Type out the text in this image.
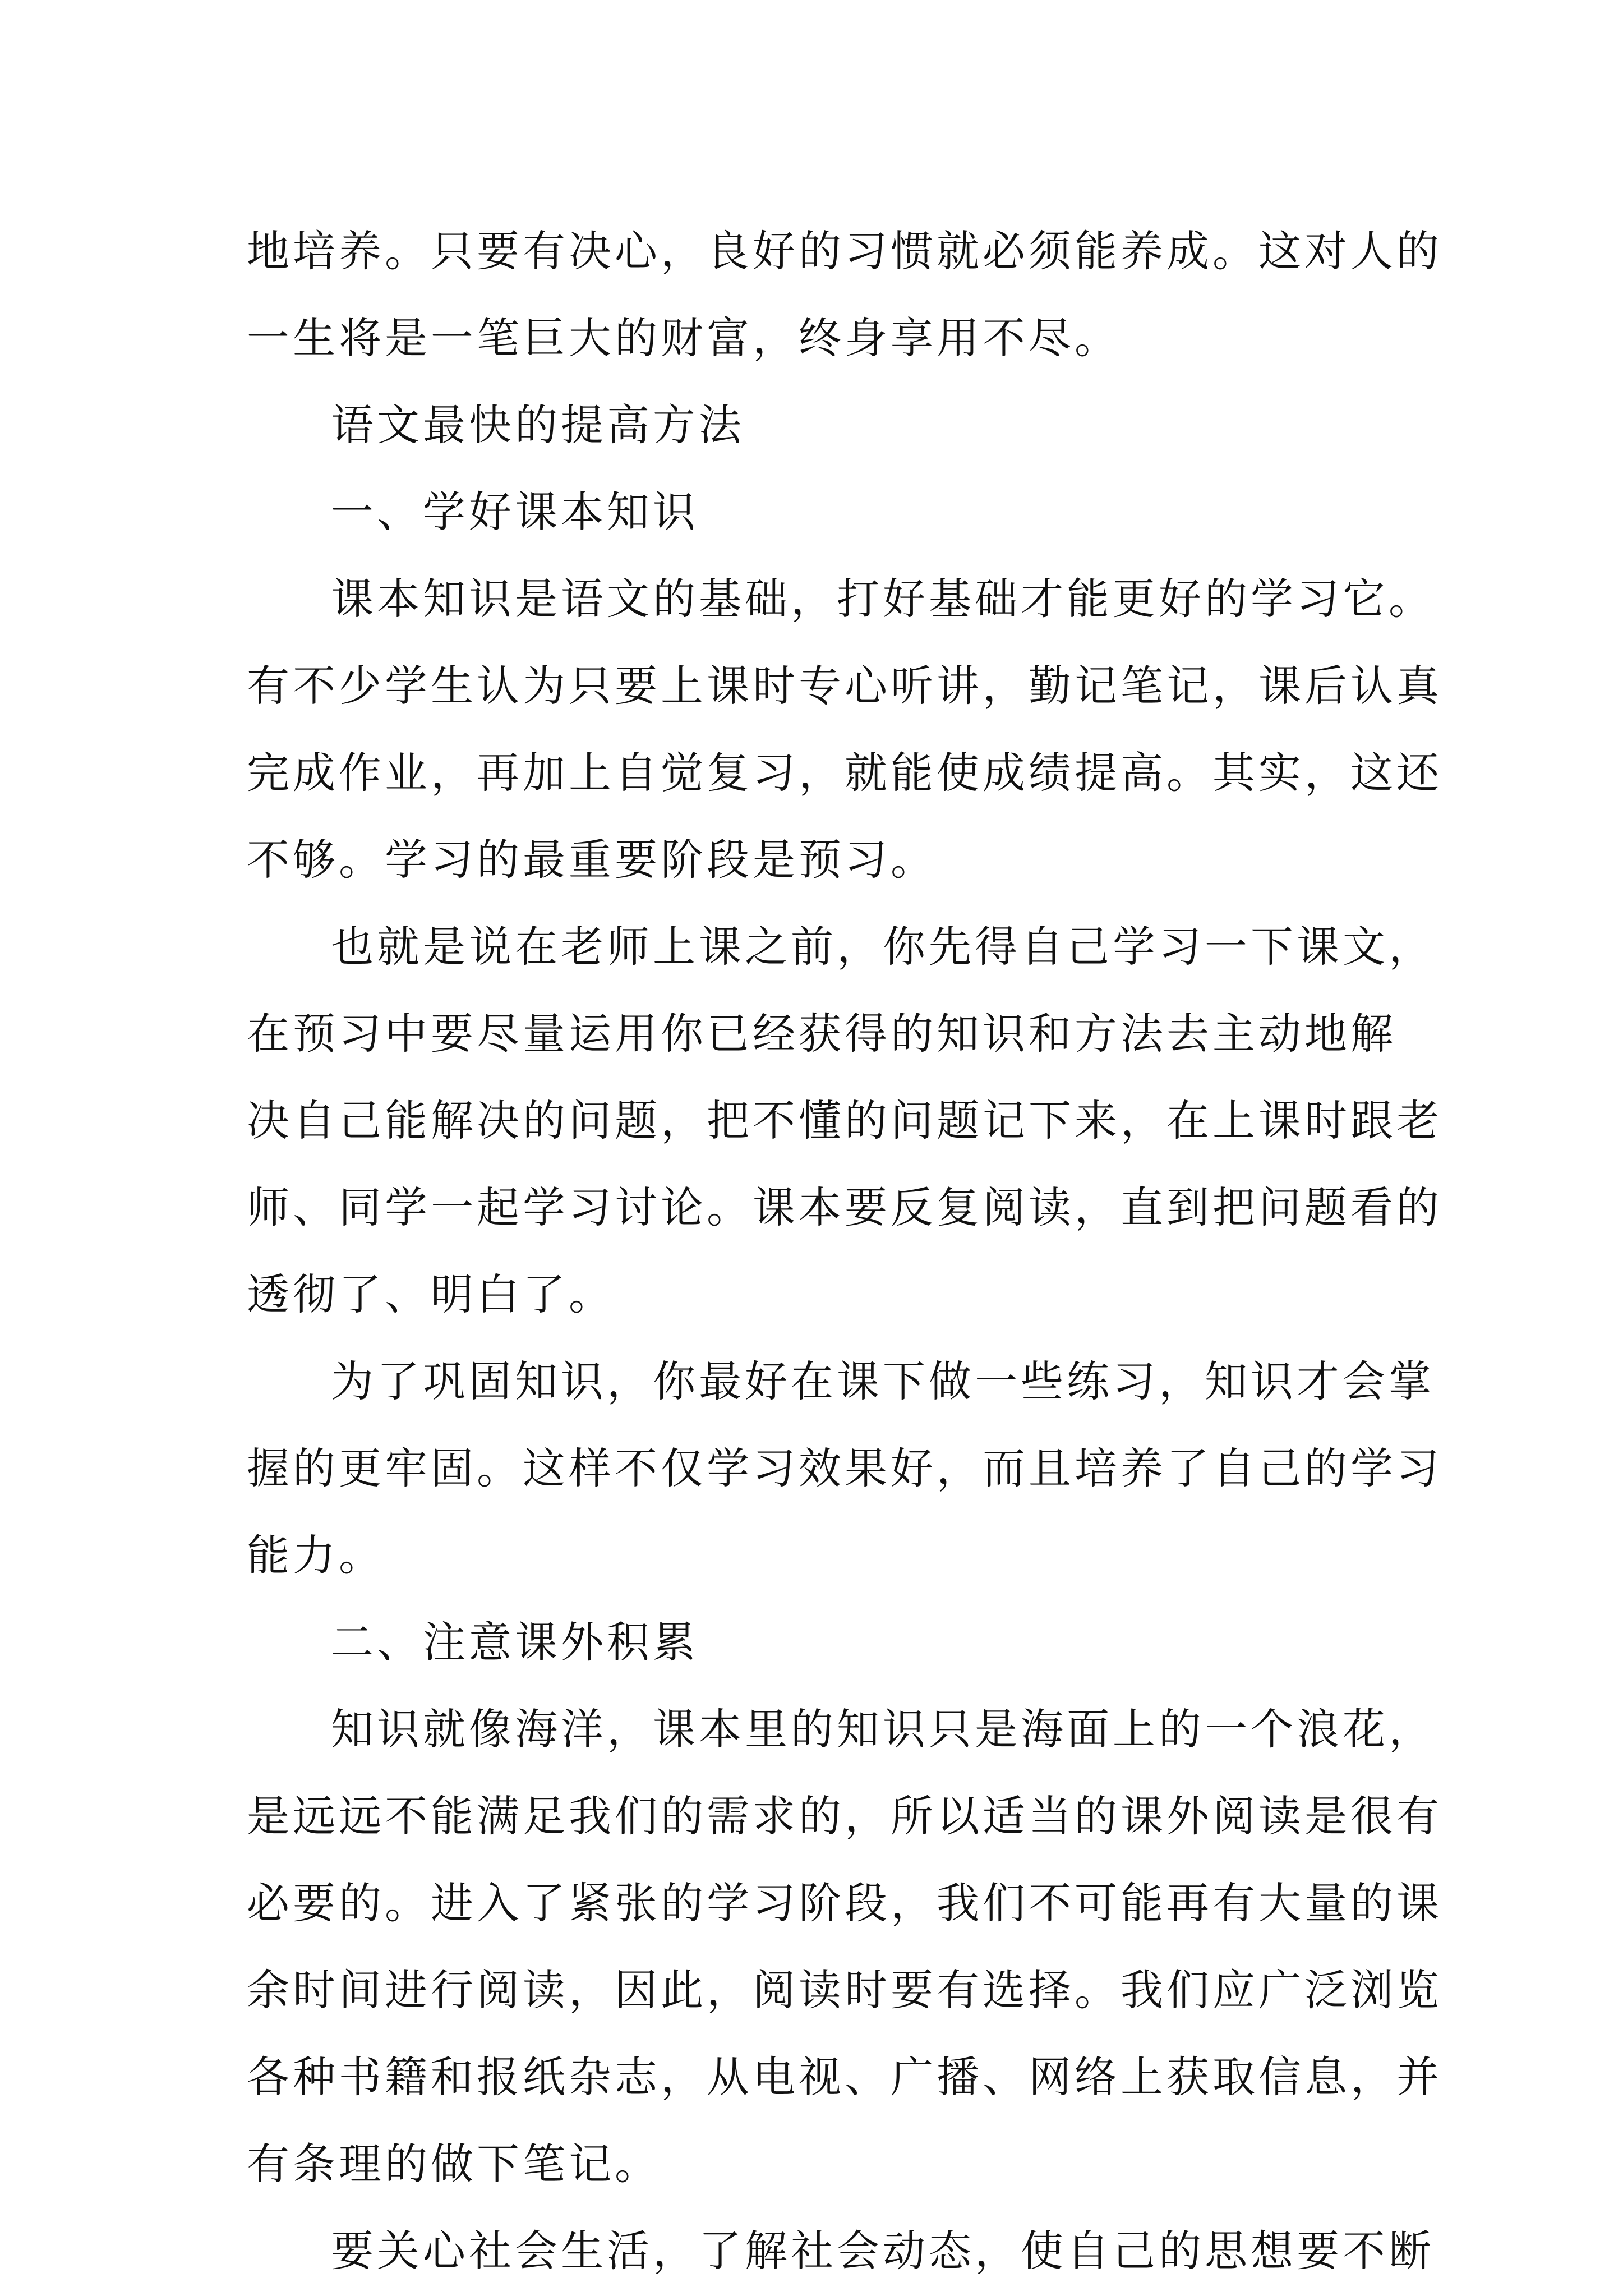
地培养。只要有决心，良好的习惯就必须能养成。这对人的
一生将是一笔巨大的财富，终身享用不尽。
语文最快的提高方法
一、学好课本知识
课本知识是语文的基础，打好基础才能更好的学习它。
有不少学生认为只要上课时专心听讲，勤记笔记，课后认真
完成作业，再加上自觉复习，就能使成绩提高。其实，这还
不够。学习的最重要阶段是预习。
也就是说在老师上课之前，你先得自己学习一下课文，
在预习中要尽量运用你已经获得的知识和方法去主动地解
决自己能解决的问题，把不懂的问题记下来，在上课时跟老
师、同学一起学习讨论。课本要反复阅读，直到把问题看的
透彻了、明白了。
为了巩固知识，你最好在课下做一些练习，知识才会掌
握的更牢固。这样不仅学习效果好，而且培养了自己的学习
能力。
二、注意课外积累
知识就像海洋，课本里的知识只是海面上的一个浪花，
是远远不能满足我们的需求的，所以适当的课外阅读是很有
必要的。进入了紧张的学习阶段，我们不可能再有大量的课
余时间进行阅读，因此，阅读时要有选择。我们应广泛浏览
各种书籍和报纸杂志，从电视、广播、网络上获取信息，并
有条理的做下笔记。
要关心社会生活，了解社会动态，使自己的思想要不断
